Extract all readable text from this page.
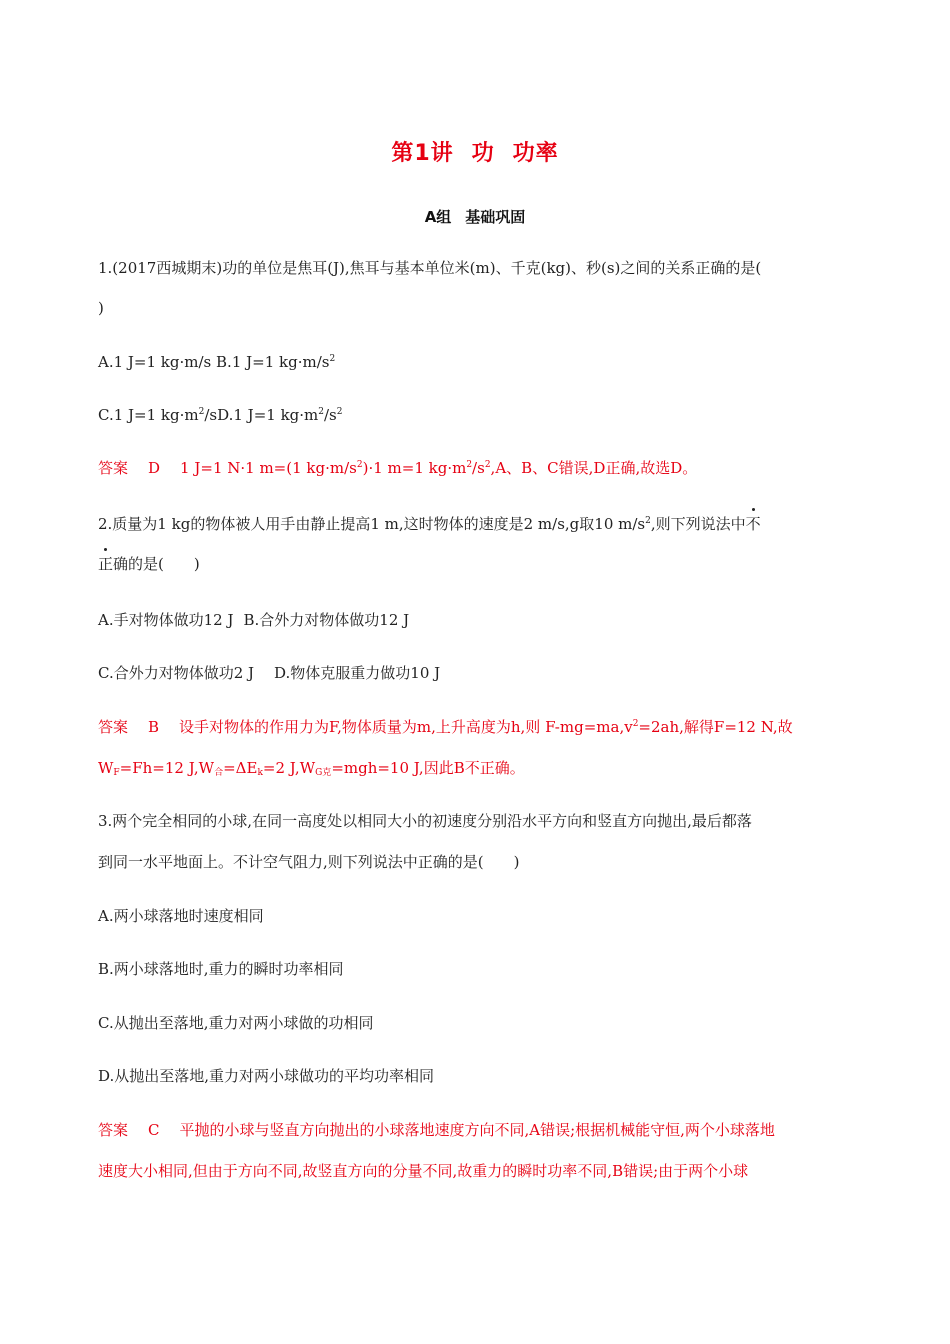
第1讲 功 功率
A组 基础巩固
1.(2017西城期末)功的单位是焦耳(J),焦耳与基本单位米(m)、千克(kg)、秒(s)之间的关系正确的是(
)
A.1 J=1 kg·m/s B.1 J=1 $kg\cdot m/s^2$
C.1 J=1 $kg\cdot m^2/sD.1$ J=1 $kg\cdot m^2/s^2$
答案 D 1 J=1 N·1 m=(1 $kg\cdot m/s^2)\cdot 1$ m=1 $kg\cdot m^2/s^2,A$、B、C错误,D正确,故选D。
2.质量为1 kg的物体被人用手由静止提高1 m,这时物体的速度是2 m/s,g取10 $m/s^2$,则下列说法中不
正确的是(　　)
A.手对物体做功12 J B.合外力对物体做功12 J
C.合外力对物体做功2 J D.物体克服重力做功10 J
答案 B 设手对物体的作用力为F,物体质量为m,上升高度为h,则 $F-mg=ma,v^2=2ah$,解得F=12 N,故
$W_F=Fh=12$ $J,W_合=\Delta E_k=2$ $J,W_{G克}=mgh=10$ J,因此B不正确。
3.两个完全相同的小球,在同一高度处以相同大小的初速度分别沿水平方向和竖直方向抛出,最后都落
到同一水平地面上。不计空气阻力,则下列说法中正确的是(　　)
A.两小球落地时速度相同
B.两小球落地时,重力的瞬时功率相同
C.从抛出至落地,重力对两小球做的功相同
D.从抛出至落地,重力对两小球做功的平均功率相同
答案 C 平抛的小球与竖直方向抛出的小球落地速度方向不同,A错误;根据机械能守恒,两个小球落地
速度大小相同,但由于方向不同,故竖直方向的分量不同,故重力的瞬时功率不同,B错误;由于两个小球
